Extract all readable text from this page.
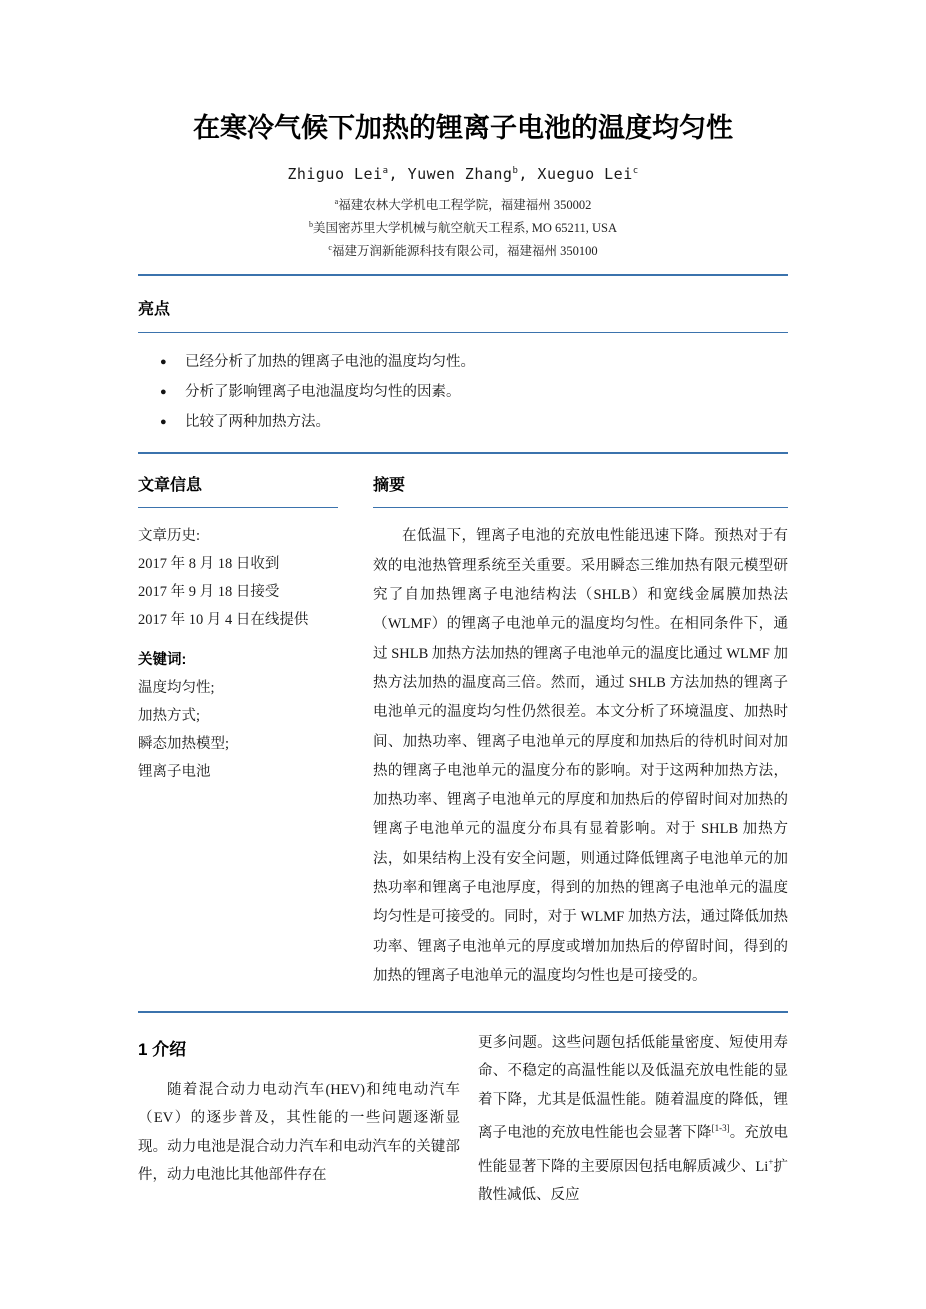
在寒冷气候下加热的锂离子电池的温度均匀性
Zhiguo Lei$^a$, Yuwen Zhang$^b$, Xueguo Lei$^c$
$^a$福建农林大学机电工程学院，福建福州 350002
$^b$美国密苏里大学机械与航空航天工程系, MO 65211, USA
$^c$福建万润新能源科技有限公司，福建福州 350100
亮点
●	已经分析了加热的锂离子电池的温度均匀性。
●	分析了影响锂离子电池温度均匀性的因素。
●	比较了两种加热方法。
文章信息
文章历史:
2017 年 8 月 18 日收到
2017 年 9 月 18 日接受
2017 年 10 月 4 日在线提供
关键词:
温度均匀性;
加热方式;
瞬态加热模型;
锂离子电池
摘要

在低温下，锂离子电池的充放电性能迅速下降。预热对于有效的电池热管理系统至关重要。采用瞬态三维加热有限元模型研究了自加热锂离子电池结构法（SHLB）和宽线金属膜加热法（WLMF）的锂离子电池单元的温度均匀性。在相同条件下，通过 SHLB 加热方法加热的锂离子电池单元的温度比通过 WLMF 加热方法加热的温度高三倍。然而，通过 SHLB 方法加热的锂离子电池单元的温度均匀性仍然很差。本文分析了环境温度、加热时间、加热功率、锂离子电池单元的厚度和加热后的待机时间对加热的锂离子电池单元的温度分布的影响。对于这两种加热方法，加热功率、锂离子电池单元的厚度和加热后的停留时间对加热的锂离子电池单元的温度分布具有显着影响。对于 SHLB 加热方法，如果结构上没有安全问题，则通过降低锂离子电池单元的加热功率和锂离子电池厚度，得到的加热的锂离子电池单元的温度均匀性是可接受的。同时，对于 WLMF 加热方法，通过降低加热功率、锂离子电池单元的厚度或增加加热后的停留时间，得到的加热的锂离子电池单元的温度均匀性也是可接受的。

1 介绍

随着混合动力电动汽车(HEV)和纯电动汽车（EV）的逐步普及，其性能的一些问题逐渐显现。动力电池是混合动力汽车和电动汽车的关键部件，动力电池比其他部件存在

更多问题。这些问题包括低能量密度、短使用寿命、不稳定的高温性能以及低温充放电性能的显着下降，尤其是低温性能。随着温度的降低，锂离子电池的充放电性能也会显著下降[1-3]。充放电性能显著下降的主要原因包括电解质减少、Li+扩散性减低、反应
